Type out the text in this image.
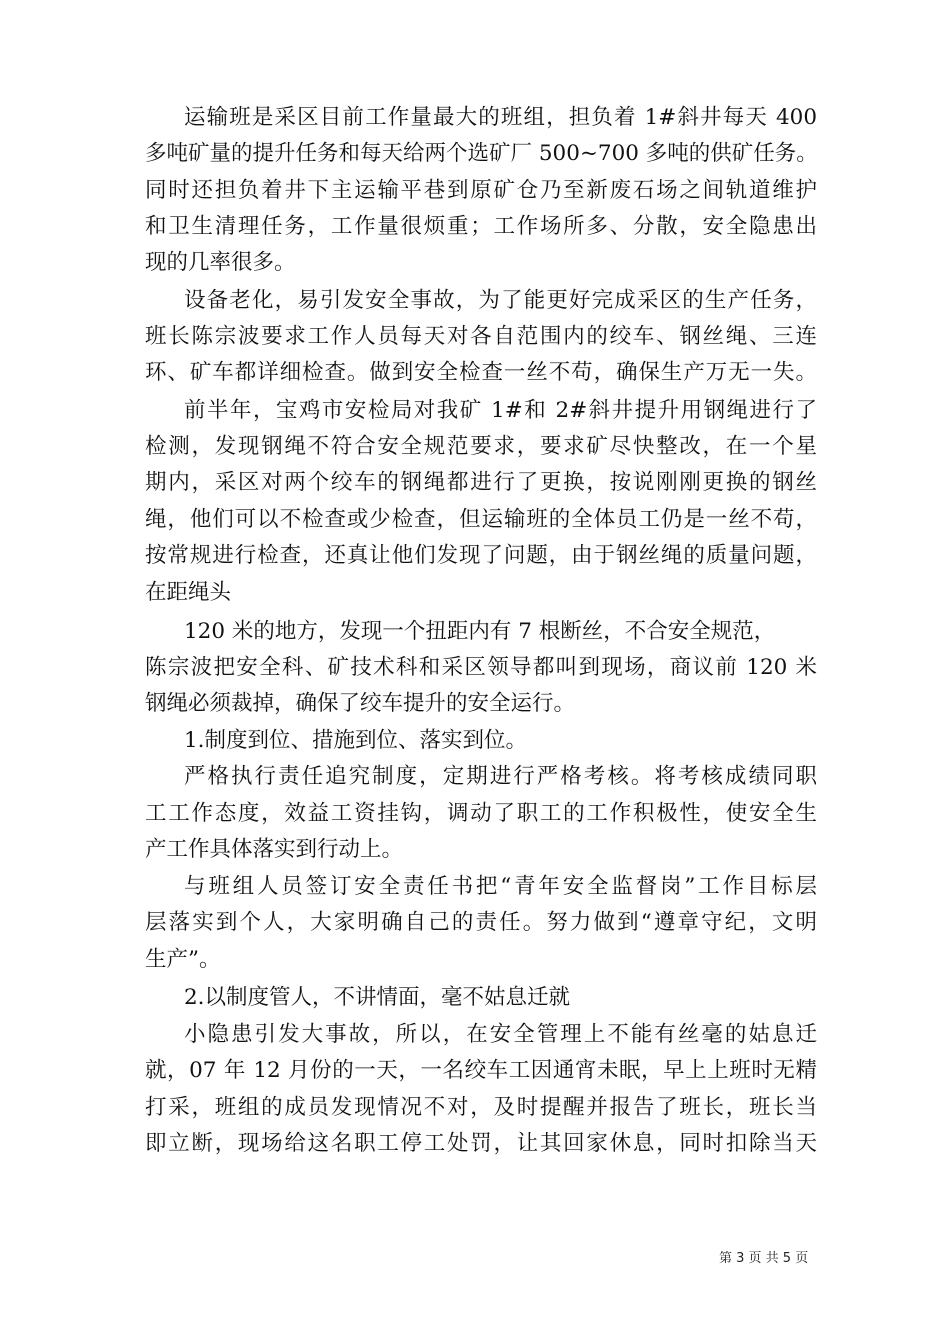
运输班是采区目前工作量最大的班组，担负着 1#斜井每天 400
多吨矿量的提升任务和每天给两个选矿厂 500~700 多吨的供矿任务。
同时还担负着井下主运输平巷到原矿仓乃至新废石场之间轨道维护
和卫生清理任务，工作量很烦重；工作场所多、分散，安全隐患出
现的几率很多。
设备老化，易引发安全事故，为了能更好完成采区的生产任务，
班长陈宗波要求工作人员每天对各自范围内的绞车、钢丝绳、三连
环、矿车都详细检查。做到安全检查一丝不苟，确保生产万无一失。
前半年，宝鸡市安检局对我矿 1#和 2#斜井提升用钢绳进行了
检测，发现钢绳不符合安全规范要求，要求矿尽快整改，在一个星
期内，采区对两个绞车的钢绳都进行了更换，按说刚刚更换的钢丝
绳，他们可以不检查或少检查，但运输班的全体员工仍是一丝不苟，
按常规进行检查，还真让他们发现了问题，由于钢丝绳的质量问题，
在距绳头
120 米的地方，发现一个扭距内有 7 根断丝，不合安全规范，
陈宗波把安全科、矿技术科和采区领导都叫到现场，商议前 120 米
钢绳必须裁掉，确保了绞车提升的安全运行。
1.制度到位、措施到位、落实到位。
严格执行责任追究制度，定期进行严格考核。将考核成绩同职
工工作态度，效益工资挂钩，调动了职工的工作积极性，使安全生
产工作具体落实到行动上。
与班组人员签订安全责任书把“青年安全监督岗”工作目标层
层落实到个人，大家明确自己的责任。努力做到“遵章守纪，文明
生产”。
2.以制度管人，不讲情面，毫不姑息迁就
小隐患引发大事故，所以，在安全管理上不能有丝毫的姑息迁
就，07 年 12 月份的一天，一名绞车工因通宵未眠，早上上班时无精
打采，班组的成员发现情况不对，及时提醒并报告了班长，班长当
即立断，现场给这名职工停工处罚，让其回家休息，同时扣除当天
第 3 页 共 5 页
